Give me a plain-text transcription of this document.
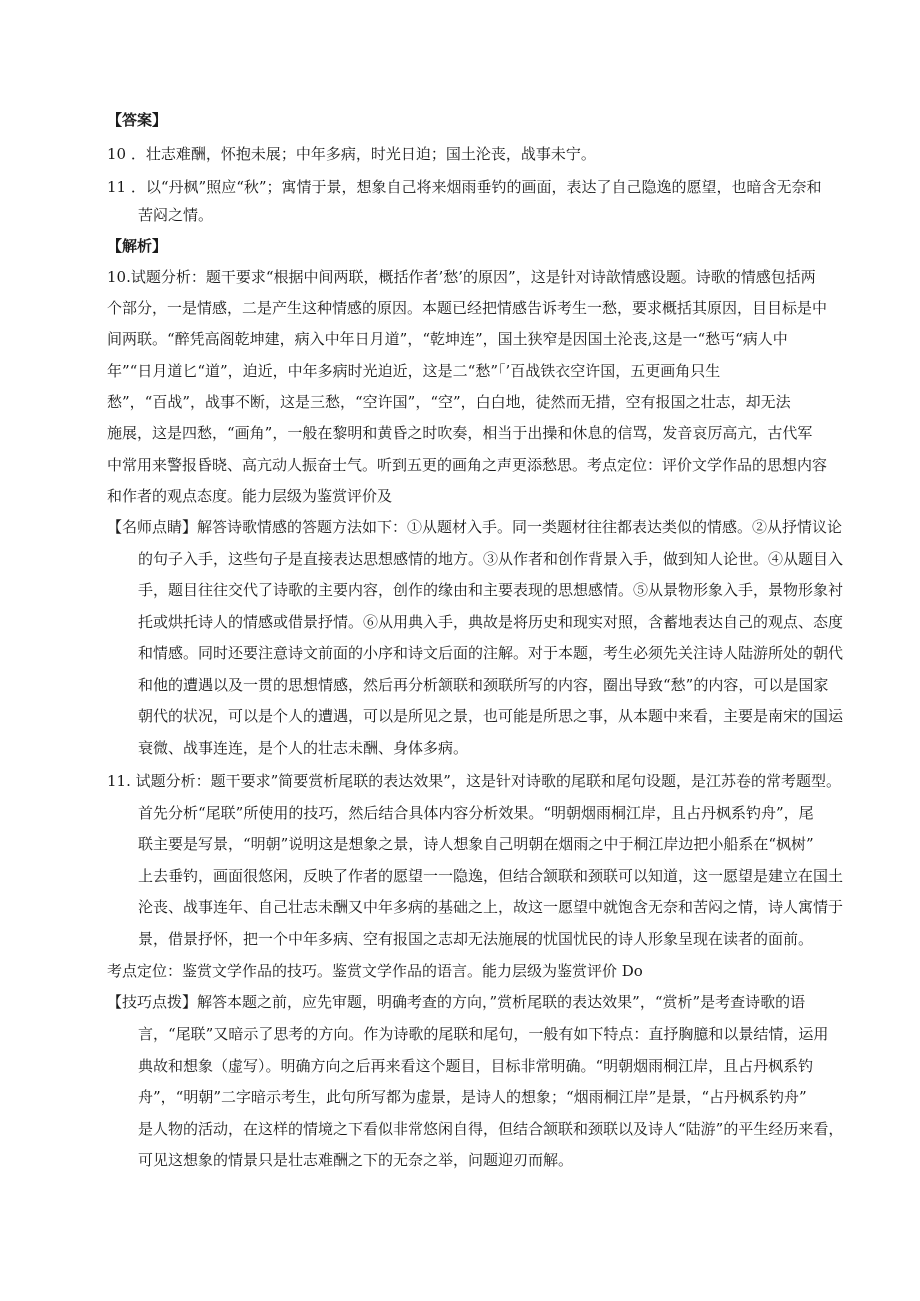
【答案】
10 ．壮志难酬，怀抱未展；中年多病，时光日迫；国土沦丧，战事未宁。
11 ．以“丹枫”照应“秋”；寓情于景，想象自己将来烟雨垂钓的画面，表达了自己隐逸的愿望，也暗含无奈和
苦闷之情。
【解析】
10.试题分析：题干要求“根据中间两联，概括作者’愁’的原因”，这是针对诗歆情感设题。诗歌的情感包括两
个部分，一是情感，二是产生这种情感的原因。本题已经把情感告诉考生一愁，要求概括其原因，目目标是中
间两联。“醉凭高阁乾坤建，病入中年日月道”，“乾坤连”，国土狭窄是因国土沦丧,这是一“愁丐“病人中
年”“日月道匕“道”，迫近，中年多病时光迫近，这是二“愁”「’百战铁衣空许国，五更画角只生
愁”，“百战”，战事不断，这是三愁，“空许国”，“空”，白白地，徒然而无措，空有报国之壮志，却无法
施展，这是四愁，“画角”，一般在黎明和黄昏之时吹奏，相当于出操和休息的信骂，发音哀厉高亢，古代军
中常用来警报昏晓、高亢动人振奋士气。听到五更的画角之声更添愁思。考点定位：评价文学作品的思想内容
和作者的观点态度。能力层级为鉴赏评价及
【名师点睛】解答诗歌情感的答题方法如下：①从题材入手。同一类题材往往都表达类似的情感。②从抒情议论
的句子入手，这些句子是直接表达思想感情的地方。③从作者和创作背景入手，做到知人论世。④从题目入
手，题目往往交代了诗歌的主要内容，创作的缘由和主要表现的思想感情。⑤从景物形象入手，景物形象衬
托或烘托诗人的情感或借景抒情。⑥从用典入手，典故是将历史和现实对照，含蓄地表达自己的观点、态度
和情感。同时还要注意诗文前面的小序和诗文后面的注解。对于本题，考生必须先关注诗人陆游所处的朝代
和他的遭遇以及一贯的思想情感，然后再分析颔联和颈联所写的内容，圈出导致“愁”的内容，可以是国家
朝代的状况，可以是个人的遭遇，可以是所见之景，也可能是所思之事，从本题中来看，主要是南宋的国运
衰微、战事连连，是个人的壮志未酬、身体多病。
11. 试题分析：题干要求”简要赏析尾联的表达效果”，这是针对诗歌的尾联和尾句设题，是江苏卷的常考题型。
首先分析“尾联”所使用的技巧，然后结合具体内容分析效果。“明朝烟雨桐江岸，且占丹枫系钓舟”，尾
联主要是写景，“明朝”说明这是想象之景，诗人想象自己明朝在烟雨之中于桐江岸边把小船系在“枫树”
上去垂钓，画面很悠闲，反映了作者的愿望一一隐逸，但结合颔联和颈联可以知道，这一愿望是建立在国土
沦丧、战事连年、自己壮志未酬又中年多病的基础之上，故这一愿望中就饱含无奈和苦闷之情，诗人寓情于
景，借景抒怀，把一个中年多病、空有报国之志却无法施展的忧国忧民的诗人形象呈现在读者的面前。
考点定位：鉴赏文学作品的技巧。鉴赏文学作品的语言。能力层级为鉴赏评价 Do
【技巧点拨】解答本题之前，应先审题，明确考查的方向，”赏析尾联的表达效果”，“赏析”是考查诗歌的语
言，“尾联”又暗示了思考的方向。作为诗歌的尾联和尾句，一般有如下特点：直抒胸臆和以景结情，运用
典故和想象（虚写）。明确方向之后再来看这个题目，目标非常明确。“明朝烟雨桐江岸，且占丹枫系钓
舟”，“明朝”二字暗示考生，此句所写都为虚景，是诗人的想象；“烟雨桐江岸”是景，“占丹枫系钓舟”
是人物的活动，在这样的情境之下看似非常悠闲自得，但结合颔联和颈联以及诗人“陆游”的平生经历来看，
可见这想象的情景只是壮志难酬之下的无奈之举，问题迎刃而解。
